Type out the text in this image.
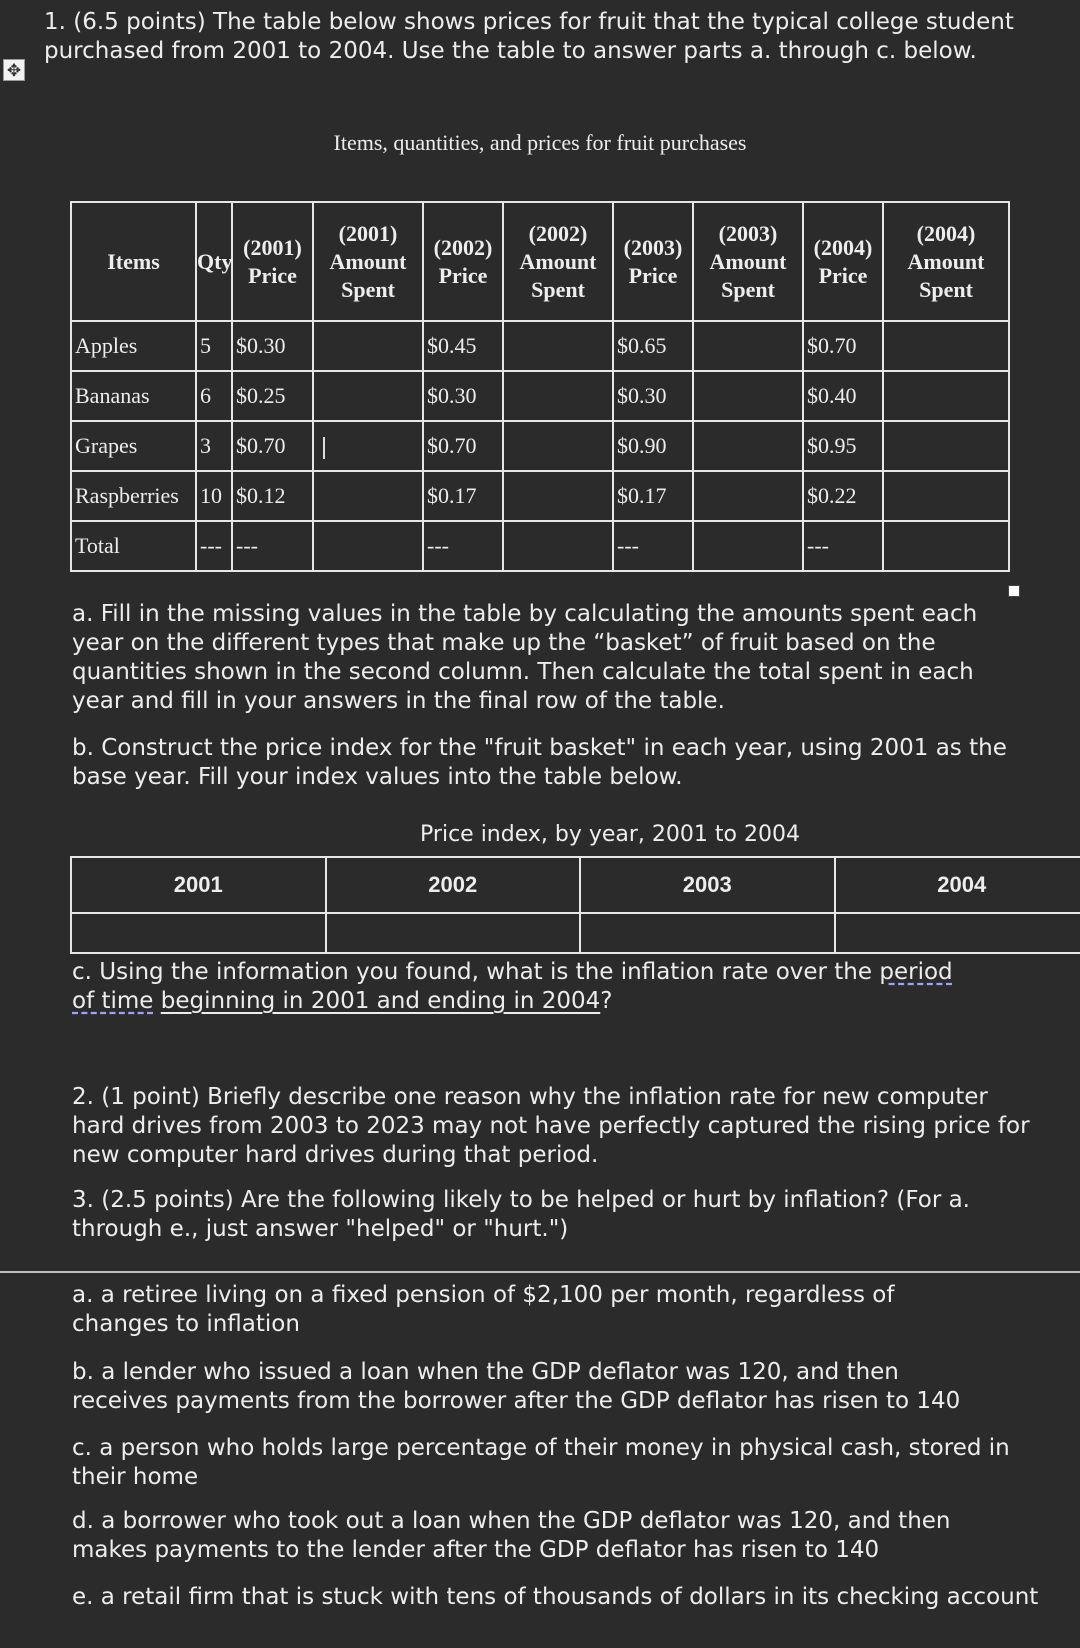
1. (6.5 points) The table below shows prices for fruit that the typical college student purchased from 2001 to 2004. Use the table to answer parts a. through c. below.
✥
Items, quantities, and prices for fruit purchases
Items	Qty	(2001) Price	(2001) Amount Spent	(2002) Price	(2002) Amount Spent	(2003) Price	(2003) Amount Spent	(2004) Price	(2004) Amount Spent
Apples	5	$0.30		$0.45		$0.65		$0.70	
Bananas	6	$0.25		$0.30		$0.30		$0.40	
Grapes	3	$0.70		$0.70		$0.90		$0.95	
Raspberries	10	$0.12		$0.17		$0.17		$0.22	
Total	---	---		---		---		---	
a. Fill in the missing values in the table by calculating the amounts spent each year on the different types that make up the “basket” of fruit based on the quantities shown in the second column. Then calculate the total spent in each year and fill in your answers in the final row of the table.
b. Construct the price index for the "fruit basket" in each year, using 2001 as the base year. Fill your index values into the table below.
Price index, by year, 2001 to 2004
2001	2002	2003	2004

c. Using the information you found, what is the inflation rate over the period of time beginning in 2001 and ending in 2004?
2. (1 point) Briefly describe one reason why the inflation rate for new computer hard drives from 2003 to 2023 may not have perfectly captured the rising price for new computer hard drives during that period.
3. (2.5 points) Are the following likely to be helped or hurt by inflation? (For a. through e., just answer "helped" or "hurt.")
a. a retiree living on a fixed pension of $2,100 per month, regardless of changes to inflation
b. a lender who issued a loan when the GDP deflator was 120, and then receives payments from the borrower after the GDP deflator has risen to 140
c. a person who holds large percentage of their money in physical cash, stored in their home
d. a borrower who took out a loan when the GDP deflator was 120, and then makes payments to the lender after the GDP deflator has risen to 140
e. a retail firm that is stuck with tens of thousands of dollars in its checking account
